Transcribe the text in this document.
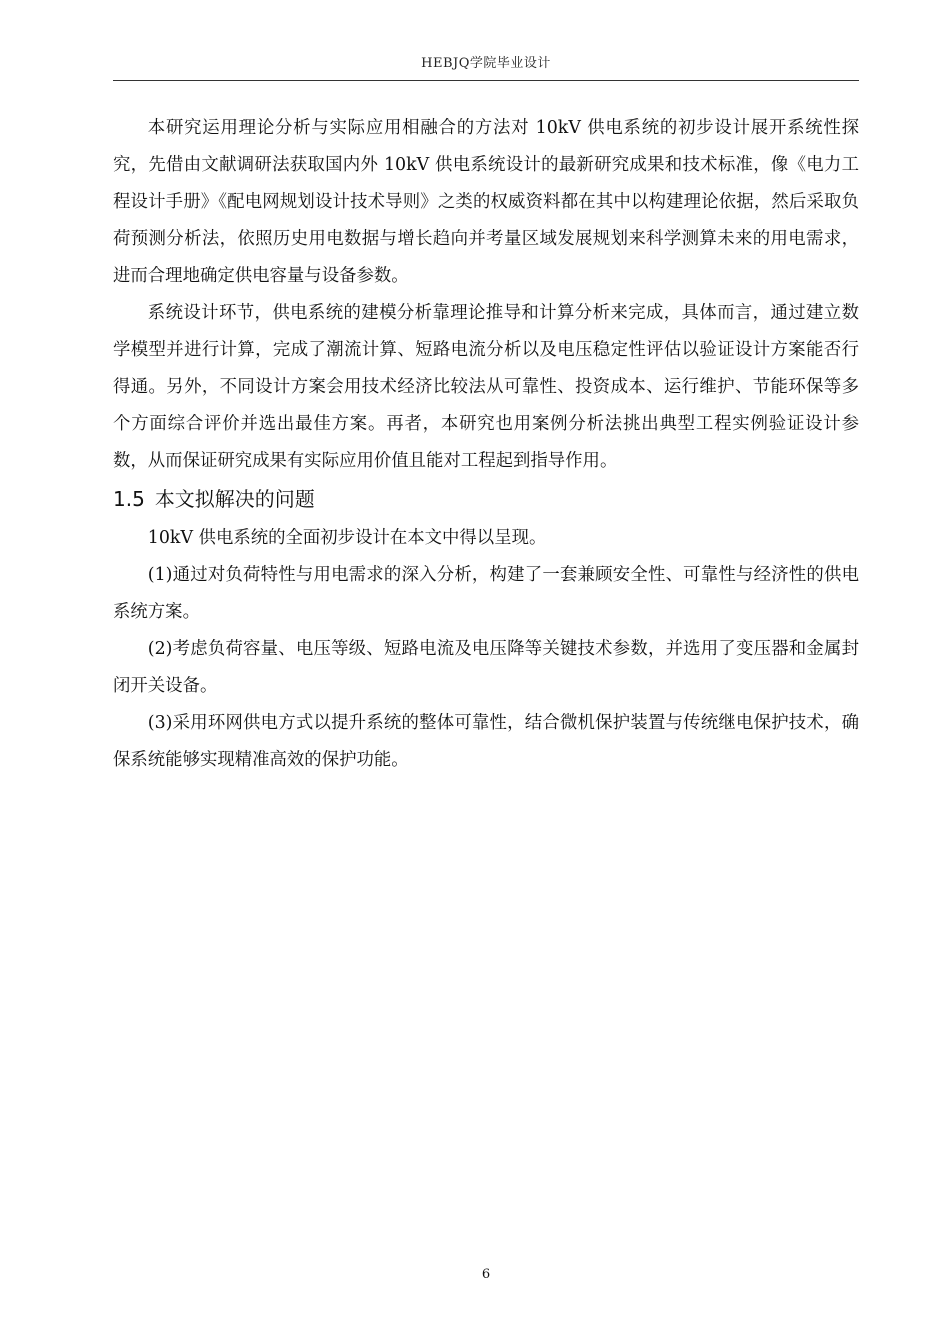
HEBJQ学院毕业设计

本研究运用理论分析与实际应用相融合的方法对 10kV 供电系统的初步设计展开系统性探究，先借由文献调研法获取国内外 10kV 供电系统设计的最新研究成果和技术标准，像《电力工程设计手册》《配电网规划设计技术导则》之类的权威资料都在其中以构建理论依据，然后采取负荷预测分析法，依照历史用电数据与增长趋向并考量区域发展规划来科学测算未来的用电需求，进而合理地确定供电容量与设备参数。

系统设计环节，供电系统的建模分析靠理论推导和计算分析来完成，具体而言，通过建立数学模型并进行计算，完成了潮流计算、短路电流分析以及电压稳定性评估以验证设计方案能否行得通。另外，不同设计方案会用技术经济比较法从可靠性、投资成本、运行维护、节能环保等多个方面综合评价并选出最佳方案。再者，本研究也用案例分析法挑出典型工程实例验证设计参数，从而保证研究成果有实际应用价值且能对工程起到指导作用。

1.5 本文拟解决的问题

10kV 供电系统的全面初步设计在本文中得以呈现。

(1)通过对负荷特性与用电需求的深入分析，构建了一套兼顾安全性、可靠性与经济性的供电系统方案。

(2)考虑负荷容量、电压等级、短路电流及电压降等关键技术参数，并选用了变压器和金属封闭开关设备。

(3)采用环网供电方式以提升系统的整体可靠性，结合微机保护装置与传统继电保护技术，确保系统能够实现精准高效的保护功能。

6
